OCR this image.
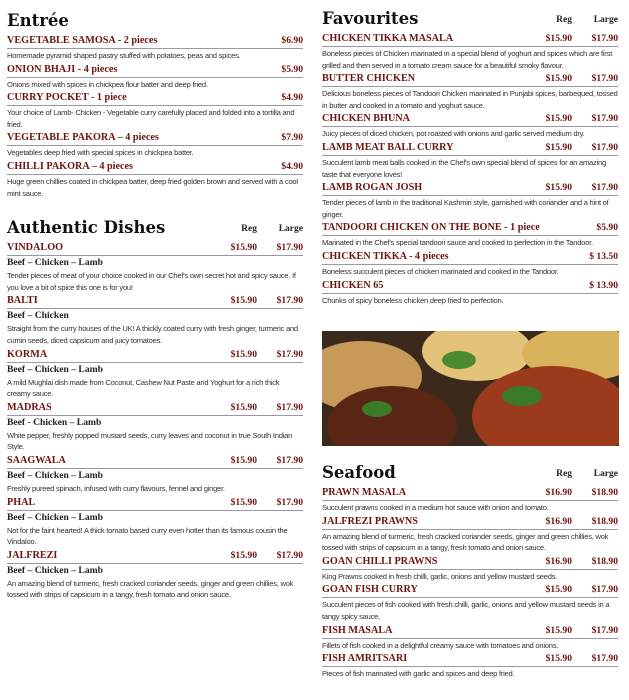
Entrée
VEGETABLE SAMOSA - 2 pieces	$6.90
Homemade pyramid shaped pastry stuffed with potatoes, peas and spices.
ONION BHAJI - 4 pieces	$5.90
Onions mixed with spices in chickpea flour batter and deep fried.
CURRY POCKET - 1 piece	$4.90
Your choice of Lamb- Chicken - Vegetable curry carefully placed and folded into a tortilla and fried.
VEGETABLE PAKORA – 4 pieces	$7.90
Vegetables deep fried with special spices in chickpea batter.
CHILLI PAKORA – 4 pieces	$4.90
Huge green chillies coated in chickpea batter, deep fried golden brown and served with a cool mint sauce.
Authentic Dishes	Reg	Large
VINDALOO	$15.90	$17.90
Beef – Chicken – Lamb
Tender pieces of meat of your choice cooked in our Chef's own secret hot and spicy sauce. If you love a bit of spice this one is for you!
BALTI	$15.90	$17.90
Beef – Chicken
Straight from the curry houses of the UK! A thickly coated curry with fresh ginger, turmeric and cumin seeds, diced capsicum and juicy tomatoes.
KORMA	$15.90	$17.90
Beef – Chicken – Lamb
A mild Mughlai dish made from Coconut, Cashew Nut Paste and Yoghurt for a rich thick creamy sauce.
MADRAS	$15.90	$17.90
Beef - Chicken – Lamb
White pepper, freshly popped mustard seeds, curry leaves and coconut in true South Indian Style.
SAAGWALA	$15.90	$17.90
Beef – Chicken – Lamb
Freshly pureed spinach, infused with curry flavours, fennel and ginger.
PHAL	$15.90	$17.90
Beef – Chicken – Lamb
Not for the faint hearted! A thick tomato based curry even hotter than its famous cousin the Vindaloo.
JALFREZI	$15.90	$17.90
Beef – Chicken – Lamb
An amazing blend of turmeric, fresh cracked coriander seeds, ginger and green chillies, wok tossed with strips of capsicum in a tangy, fresh tomato and onion sauce.
Favourites	Reg	Large
CHICKEN TIKKA MASALA	$15.90	$17.90
Boneless pieces of Chicken marinated in a special blend of yoghurt and spices which are first grilled and then served in a tomato cream sauce for a beautiful smoky flavour.
BUTTER CHICKEN	$15.90	$17.90
Delicious boneless pieces of Tandoori Chicken marinated in Punjabi spices, barbequed, tossed in butter and cooked in a tomato and yoghurt sauce.
CHICKEN BHUNA	$15.90	$17.90
Juicy pieces of diced chicken, pot roasted with onions and garlic served medium dry.
LAMB MEAT BALL CURRY	$15.90	$17.90
Succulent lamb meat balls cooked in the Chef's own special blend of spices for an amazing taste that everyone loves!
LAMB ROGAN JOSH	$15.90	$17.90
Tender pieces of lamb in the traditional Kashmiri style, garnished with coriander and a hint of ginger.
TANDOORI CHICKEN ON THE BONE - 1 piece	$5.90
Marinated in the Chef's special tandoori sauce and cooked to perfection in the Tandoor.
CHICKEN TIKKA - 4 pieces	$ 13.50
Boneless succulent pieces of chicken marinated and cooked in the Tandoor.
CHICKEN 65	$ 13.90
Chunks of spicy boneless chicken deep fried to perfection.
Seafood	Reg	Large
PRAWN MASALA	$16.90	$18.90
Succulent prawns cooked in a medium hot sauce with onion and tomato.
JALFREZI PRAWNS	$16.90	$18.90
An amazing blend of turmeric, fresh cracked coriander seeds, ginger and green chillies, wok tossed with strips of capsicum in a tangy, fresh tomato and onion sauce.
GOAN CHILLI PRAWNS	$16.90	$18.90
King Prawns cooked in fresh chilli, garlic, onions and yellow mustard seeds.
GOAN FISH CURRY	$15.90	$17.90
Succulent pieces of fish cooked with fresh chilli, garlic, onions and yellow mustard seeds in a tangy spicy sauce.
FISH MASALA	$15.90	$17.90
Fillets of fish cooked in a delightful creamy sauce with tomatoes and onions.
FISH AMRITSARI	$15.90	$17.90
Pieces of fish marinated with garlic and spices and deep fried.
